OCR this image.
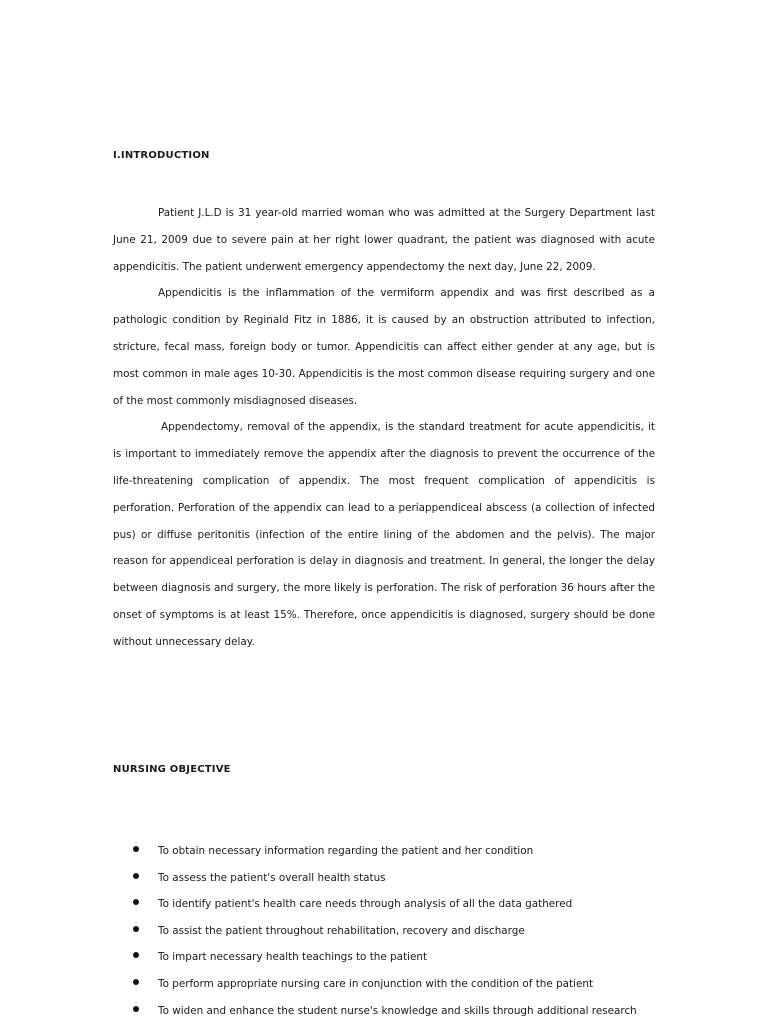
I.INTRODUCTION

Patient J.L.D is 31 year-old married woman who was admitted at the Surgery Department last June 21, 2009 due to severe pain at her right lower quadrant, the patient was diagnosed with acute appendicitis. The patient underwent emergency appendectomy the next day, June 22, 2009.

Appendicitis is the inflammation of the vermiform appendix and was first described as a pathologic condition by Reginald Fitz in 1886, it is caused by an obstruction attributed to infection, stricture, fecal mass, foreign body or tumor. Appendicitis can affect either gender at any age, but is most common in male ages 10-30. Appendicitis is the most common disease requiring surgery and one of the most commonly misdiagnosed diseases.

Appendectomy, removal of the appendix, is the standard treatment for acute appendicitis, it is important to immediately remove the appendix after the diagnosis to prevent the occurrence of the life-threatening complication of appendix. The most frequent complication of appendicitis is perforation. Perforation of the appendix can lead to a periappendiceal abscess (a collection of infected pus) or diffuse peritonitis (infection of the entire lining of the abdomen and the pelvis). The major reason for appendiceal perforation is delay in diagnosis and treatment. In general, the longer the delay between diagnosis and surgery, the more likely is perforation. The risk of perforation 36 hours after the onset of symptoms is at least 15%. Therefore, once appendicitis is diagnosed, surgery should be done without unnecessary delay.

NURSING OBJECTIVE
To obtain necessary information regarding the patient and her condition
To assess the patient's overall health status
To identify patient's health care needs through analysis of all the data gathered
To assist the patient throughout rehabilitation, recovery and discharge
To impart necessary health teachings to the patient
To perform appropriate nursing care in conjunction with the condition of the patient
To widen and enhance the student nurse's knowledge and skills through additional research
